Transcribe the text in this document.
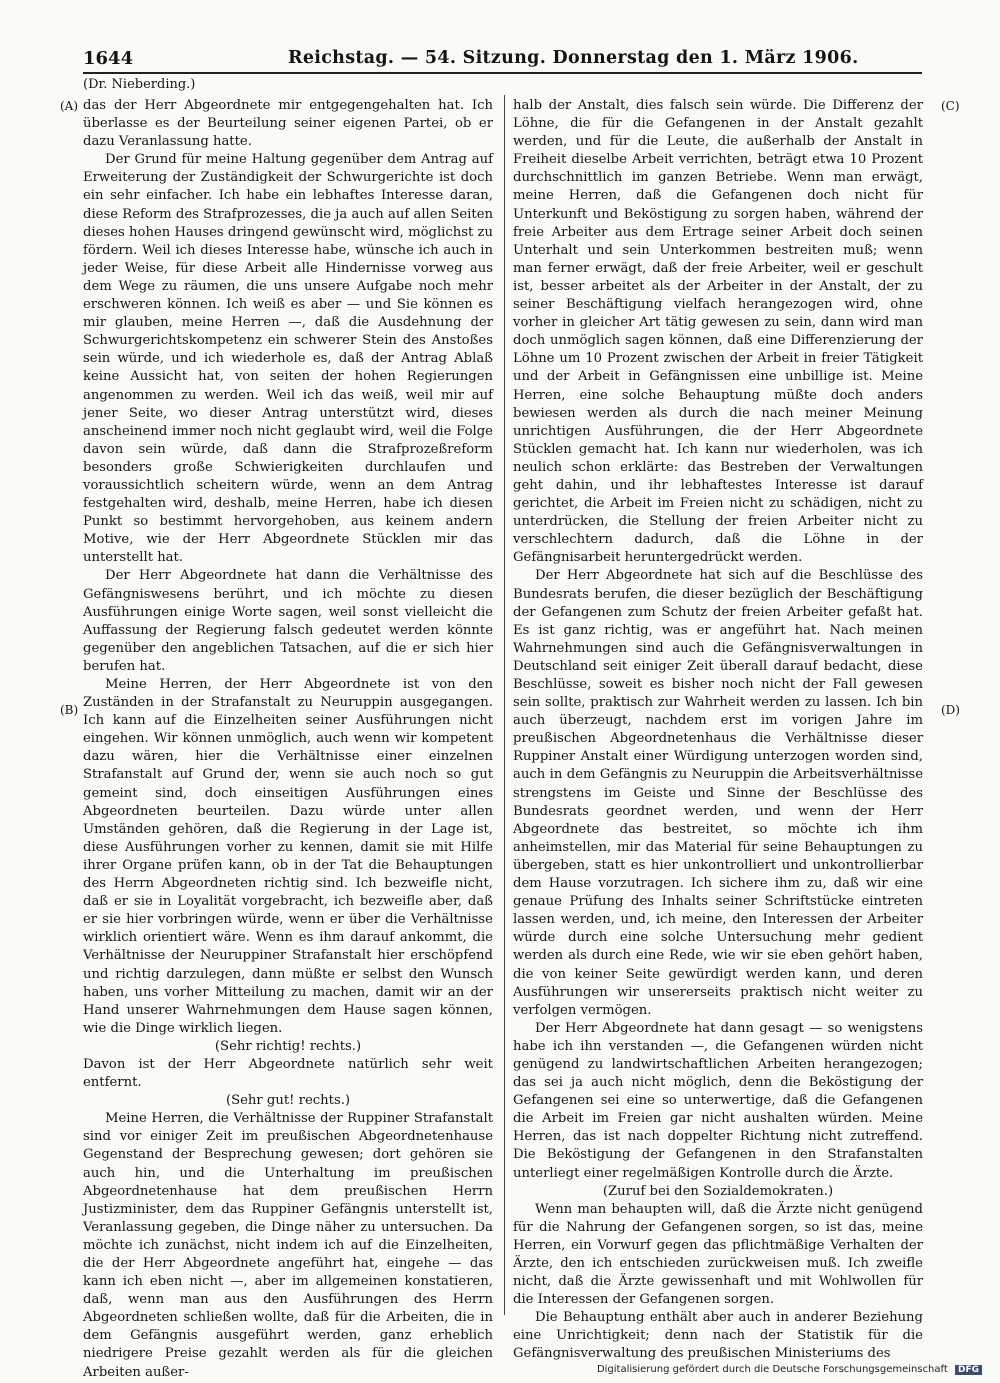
1644	Reichstag. — 54. Sitzung. Donnerstag den 1. März 1906.
(Dr. Nieberding.)
(A)
(B)
(C)
(D)

das der Herr Abgeordnete mir entgegengehalten hat. Ich überlasse es der Beurteilung seiner eigenen Partei, ob er dazu Veranlassung hatte.

Der Grund für meine Haltung gegenüber dem Antrag auf Erweiterung der Zuständigkeit der Schwurgerichte ist doch ein sehr einfacher. Ich habe ein lebhaftes Interesse daran, diese Reform des Strafprozesses, die ja auch auf allen Seiten dieses hohen Hauses dringend gewünscht wird, möglichst zu fördern. Weil ich dieses Interesse habe, wünsche ich auch in jeder Weise, für diese Arbeit alle Hindernisse vorweg aus dem Wege zu räumen, die uns unsere Aufgabe noch mehr erschweren können. Ich weiß es aber — und Sie können es mir glauben, meine Herren —, daß die Ausdehnung der Schwurgerichtskompetenz ein schwerer Stein des Anstoßes sein würde, und ich wiederhole es, daß der Antrag Ablaß keine Aussicht hat, von seiten der hohen Regierungen angenommen zu werden. Weil ich das weiß, weil mir auf jener Seite, wo dieser Antrag unterstützt wird, dieses anscheinend immer noch nicht geglaubt wird, weil die Folge davon sein würde, daß dann die Strafprozeßreform besonders große Schwierigkeiten durchlaufen und voraussichtlich scheitern würde, wenn an dem Antrag festgehalten wird, deshalb, meine Herren, habe ich diesen Punkt so bestimmt hervorgehoben, aus keinem andern Motive, wie der Herr Abgeordnete Stücklen mir das unterstellt hat.

Der Herr Abgeordnete hat dann die Verhältnisse des Gefängniswesens berührt, und ich möchte zu diesen Ausführungen einige Worte sagen, weil sonst vielleicht die Auffassung der Regierung falsch gedeutet werden könnte gegenüber den angeblichen Tatsachen, auf die er sich hier berufen hat.

Meine Herren, der Herr Abgeordnete ist von den Zuständen in der Strafanstalt zu Neuruppin ausgegangen. Ich kann auf die Einzelheiten seiner Ausführungen nicht eingehen. Wir können unmöglich, auch wenn wir kompetent dazu wären, hier die Verhältnisse einer einzelnen Strafanstalt auf Grund der, wenn sie auch noch so gut gemeint sind, doch einseitigen Ausführungen eines Abgeordneten beurteilen. Dazu würde unter allen Umständen gehören, daß die Regierung in der Lage ist, diese Ausführungen vorher zu kennen, damit sie mit Hilfe ihrer Organe prüfen kann, ob in der Tat die Behauptungen des Herrn Abgeordneten richtig sind. Ich bezweifle nicht, daß er sie in Loyalität vorgebracht, ich bezweifle aber, daß er sie hier vorbringen würde, wenn er über die Verhältnisse wirklich orientiert wäre. Wenn es ihm darauf ankommt, die Verhältnisse der Neuruppiner Strafanstalt hier erschöpfend und richtig darzulegen, dann müßte er selbst den Wunsch haben, uns vorher Mitteilung zu machen, damit wir an der Hand unserer Wahrnehmungen dem Hause sagen können, wie die Dinge wirklich liegen.

(Sehr richtig! rechts.)

Davon ist der Herr Abgeordnete natürlich sehr weit entfernt.

(Sehr gut! rechts.)

Meine Herren, die Verhältnisse der Ruppiner Strafanstalt sind vor einiger Zeit im preußischen Abgeordnetenhause Gegenstand der Besprechung gewesen; dort gehören sie auch hin, und die Unterhaltung im preußischen Abgeordnetenhause hat dem preußischen Herrn Justizminister, dem das Ruppiner Gefängnis unterstellt ist, Veranlassung gegeben, die Dinge näher zu untersuchen. Da möchte ich zunächst, nicht indem ich auf die Einzelheiten, die der Herr Abgeordnete angeführt hat, eingehe — das kann ich eben nicht —, aber im allgemeinen konstatieren, daß, wenn man aus den Ausführungen des Herrn Abgeordneten schließen wollte, daß für die Arbeiten, die in dem Gefängnis ausgeführt werden, ganz erheblich niedrigere Preise gezahlt werden als für die gleichen Arbeiten außer-

halb der Anstalt, dies falsch sein würde. Die Differenz der Löhne, die für die Gefangenen in der Anstalt gezahlt werden, und für die Leute, die außerhalb der Anstalt in Freiheit dieselbe Arbeit verrichten, beträgt etwa 10 Prozent durchschnittlich im ganzen Betriebe. Wenn man erwägt, meine Herren, daß die Gefangenen doch nicht für Unterkunft und Beköstigung zu sorgen haben, während der freie Arbeiter aus dem Ertrage seiner Arbeit doch seinen Unterhalt und sein Unterkommen bestreiten muß; wenn man ferner erwägt, daß der freie Arbeiter, weil er geschult ist, besser arbeitet als der Arbeiter in der Anstalt, der zu seiner Beschäftigung vielfach herangezogen wird, ohne vorher in gleicher Art tätig gewesen zu sein, dann wird man doch unmöglich sagen können, daß eine Differenzierung der Löhne um 10 Prozent zwischen der Arbeit in freier Tätigkeit und der Arbeit in Gefängnissen eine unbillige ist. Meine Herren, eine solche Behauptung müßte doch anders bewiesen werden als durch die nach meiner Meinung unrichtigen Ausführungen, die der Herr Abgeordnete Stücklen gemacht hat. Ich kann nur wiederholen, was ich neulich schon erklärte: das Bestreben der Verwaltungen geht dahin, und ihr lebhaftestes Interesse ist darauf gerichtet, die Arbeit im Freien nicht zu schädigen, nicht zu unterdrücken, die Stellung der freien Arbeiter nicht zu verschlechtern dadurch, daß die Löhne in der Gefängnisarbeit heruntergedrückt werden.

Der Herr Abgeordnete hat sich auf die Beschlüsse des Bundesrats berufen, die dieser bezüglich der Beschäftigung der Gefangenen zum Schutz der freien Arbeiter gefaßt hat. Es ist ganz richtig, was er angeführt hat. Nach meinen Wahrnehmungen sind auch die Gefängnisverwaltungen in Deutschland seit einiger Zeit überall darauf bedacht, diese Beschlüsse, soweit es bisher noch nicht der Fall gewesen sein sollte, praktisch zur Wahrheit werden zu lassen. Ich bin auch überzeugt, nachdem erst im vorigen Jahre im preußischen Abgeordnetenhaus die Verhältnisse dieser Ruppiner Anstalt einer Würdigung unterzogen worden sind, auch in dem Gefängnis zu Neuruppin die Arbeitsverhältnisse strengstens im Geiste und Sinne der Beschlüsse des Bundesrats geordnet werden, und wenn der Herr Abgeordnete das bestreitet, so möchte ich ihm anheimstellen, mir das Material für seine Behauptungen zu übergeben, statt es hier unkontrolliert und unkontrollierbar dem Hause vorzutragen. Ich sichere ihm zu, daß wir eine genaue Prüfung des Inhalts seiner Schriftstücke eintreten lassen werden, und, ich meine, den Interessen der Arbeiter würde durch eine solche Untersuchung mehr gedient werden als durch eine Rede, wie wir sie eben gehört haben, die von keiner Seite gewürdigt werden kann, und deren Ausführungen wir unsererseits praktisch nicht weiter zu verfolgen vermögen.

Der Herr Abgeordnete hat dann gesagt — so wenigstens habe ich ihn verstanden —, die Gefangenen würden nicht genügend zu landwirtschaftlichen Arbeiten herangezogen; das sei ja auch nicht möglich, denn die Beköstigung der Gefangenen sei eine so unterwertige, daß die Gefangenen die Arbeit im Freien gar nicht aushalten würden. Meine Herren, das ist nach doppelter Richtung nicht zutreffend. Die Beköstigung der Gefangenen in den Strafanstalten unterliegt einer regelmäßigen Kontrolle durch die Ärzte.

(Zuruf bei den Sozialdemokraten.)

Wenn man behaupten will, daß die Ärzte nicht genügend für die Nahrung der Gefangenen sorgen, so ist das, meine Herren, ein Vorwurf gegen das pflichtmäßige Verhalten der Ärzte, den ich entschieden zurückweisen muß. Ich zweifle nicht, daß die Ärzte gewissenhaft und mit Wohlwollen für die Interessen der Gefangenen sorgen.

Die Behauptung enthält aber auch in anderer Beziehung eine Unrichtigkeit; denn nach der Statistik für die Gefängnisverwaltung des preußischen Ministeriums des

Digitalisierung gefördert durch die Deutsche Forschungsgemeinschaft DFG
